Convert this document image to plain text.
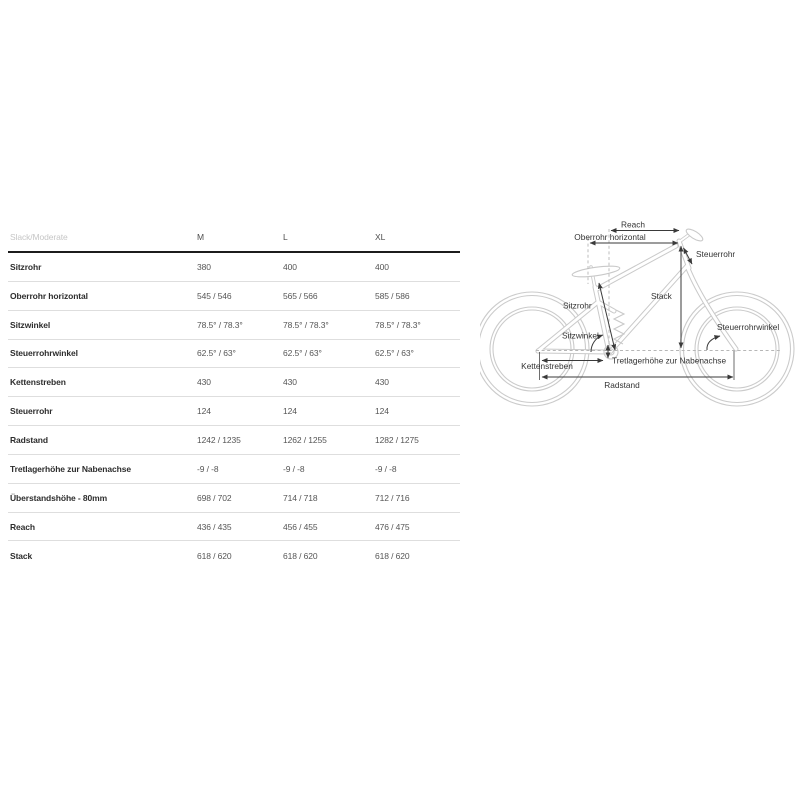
Slack/Moderate	M	L	XL
Sitzrohr	380	400	400
Oberrohr horizontal	545 / 546	565 / 566	585 / 586
Sitzwinkel	78.5° / 78.3°	78.5° / 78.3°	78.5° / 78.3°
Steuerrohrwinkel	62.5° / 63°	62.5° / 63°	62.5° / 63°
Kettenstreben	430	430	430
Steuerrohr	124	124	124
Radstand	1242 / 1235	1262 / 1255	1282 / 1275
Tretlagerhöhe zur Nabenachse	-9 / -8	-9 / -8	-9 / -8
Überstandshöhe - 80mm	698 / 702	714 / 718	712 / 716
Reach	436 / 435	456 / 455	476 / 475
Stack	618 / 620	618 / 620	618 / 620
Reach
Oberrohr horizontal
Steuerrohr
Stack
Sitzrohr
Sitzwinkel
Steuerrohrwinkel
Tretlagerhöhe zur Nabenachse
Kettenstreben
Radstand
